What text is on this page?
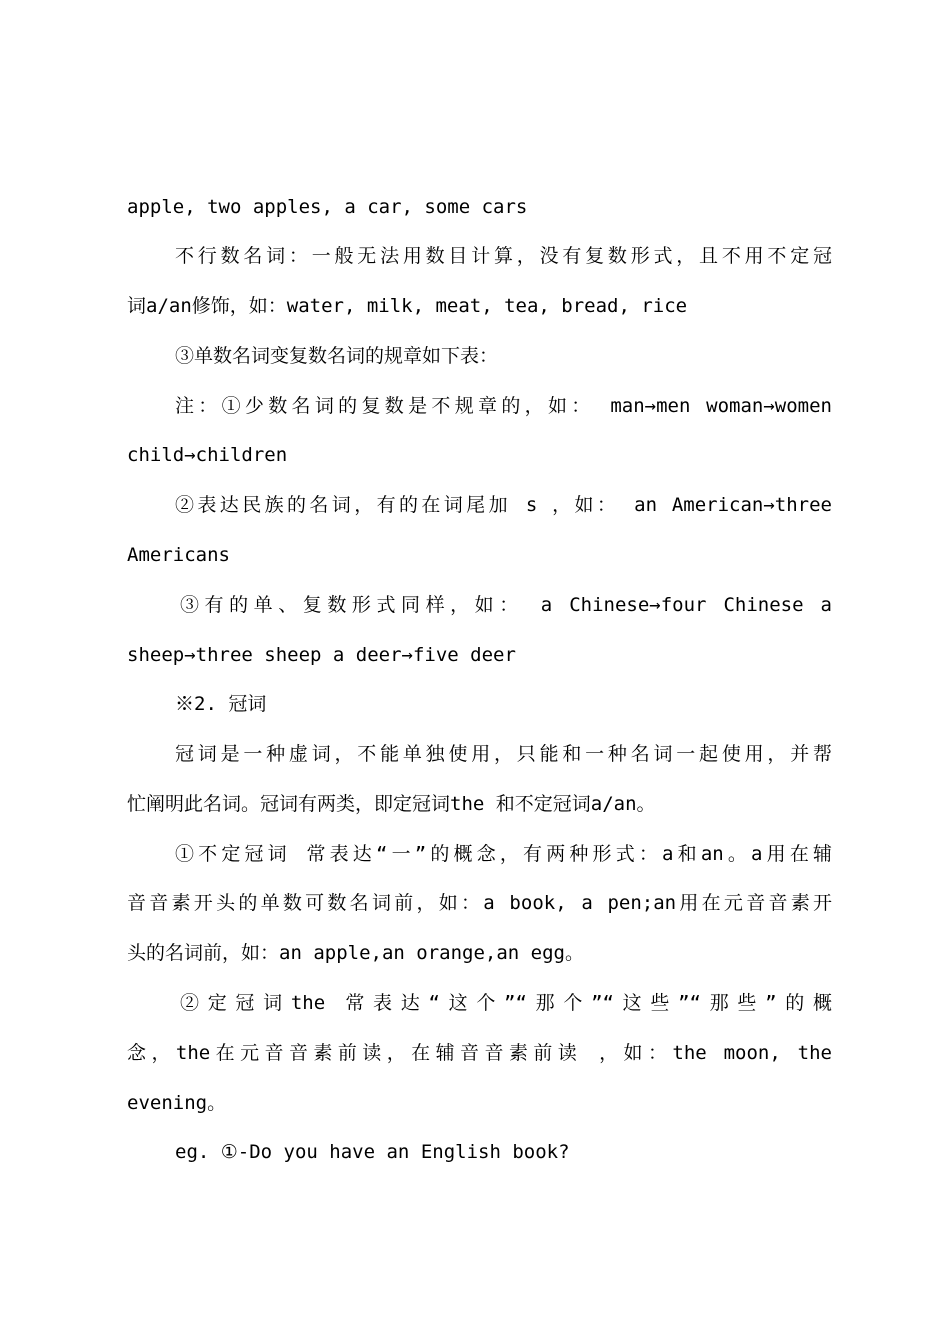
apple, two apples, a car, some cars
不行数名词：一般无法用数目计算，没有复数形式，且不用不定冠
词a/an修饰，如：water, milk, meat, tea, bread, rice
③单数名词变复数名词的规章如下表：
注：①少数名词的复数是不规章的，如： man→men woman→women
child→children
②表达民族的名词，有的在词尾加 s ，如： an American→three
Americans
③有的单、复数形式同样，如： a Chinese→four Chinese a
sheep→three sheep a deer→five deer
※2. 冠词
冠词是一种虚词，不能单独使用，只能和一种名词一起使用，并帮
忙阐明此名词。冠词有两类，即定冠词the 和不定冠词a/an。
①不定冠词 常表达“一”的概念，有两种形式：a和an。a用在辅
音音素开头的单数可数名词前，如：a book, a pen;an用在元音音素开
头的名词前，如：an apple,an orange,an egg。
②定冠词the 常表达“这个”“那个”“这些”“那些”的概
念，the在元音音素前读，在辅音音素前读 ，如：the moon, the
evening。
eg. ①-Do you have an English book?
